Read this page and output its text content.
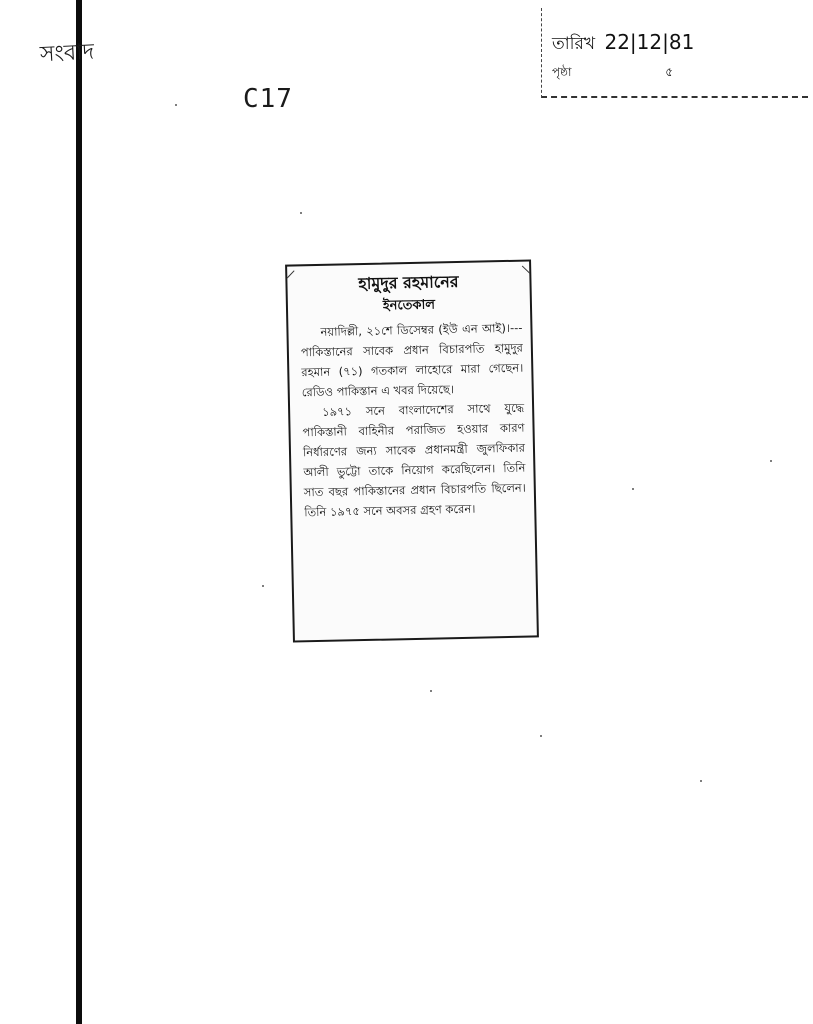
সংবাদ
C17
তারিখ 22|12|81
পৃষ্ঠা	৫
হামুদুর রহমানের
ইনতেকাল

নয়াদিল্লী, ২১শে ডিসেম্বর (ইউ এন আই)।---পাকিস্তানের সাবেক প্রধান বিচারপতি হামুদুর রহমান (৭১) গতকাল লাহোরে মারা গেছেন। রেডিও পাকিস্তান এ খবর দিয়েছে।

১৯৭১ সনে বাংলাদেশের সাথে যুদ্ধে পাকিস্তানী বাহিনীর পরাজিত হওয়ার কারণ নির্ধারণের জন্য সাবেক প্রধানমন্ত্রী জুলফিকার আলী ভুট্টো তাকে নিয়োগ করেছিলেন। তিনি সাত বছর পাকিস্তানের প্রধান বিচারপতি ছিলেন। তিনি ১৯৭৫ সনে অবসর গ্রহণ করেন।
